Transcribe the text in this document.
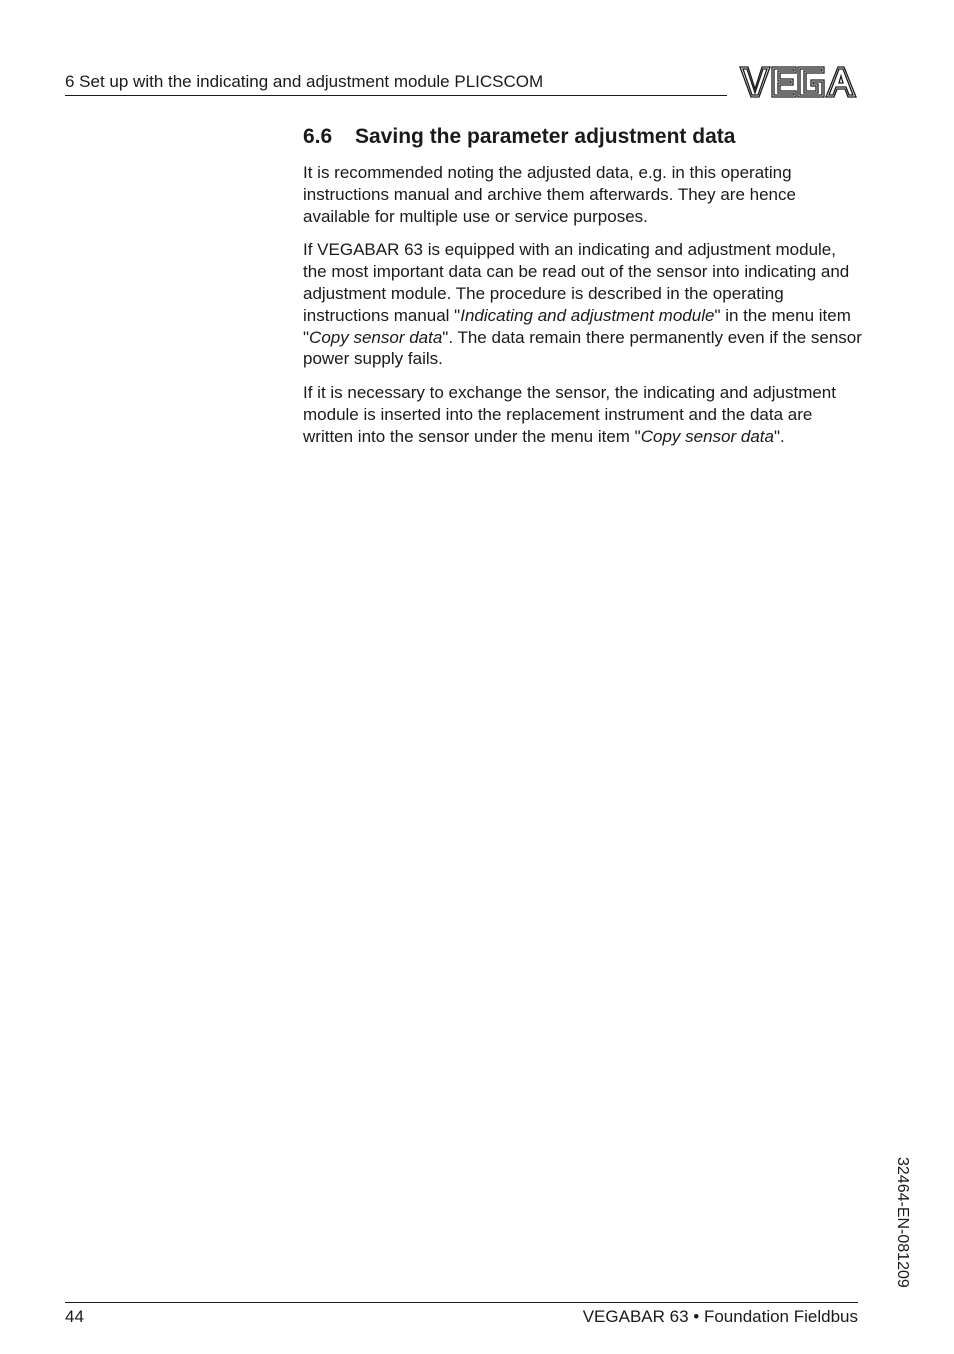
6 Set up with the indicating and adjustment module PLICSCOM
6.6 Saving the parameter adjustment data

It is recommended noting the adjusted data, e.g. in this operating instructions manual and archive them afterwards. They are hence available for multiple use or service purposes.

If VEGABAR 63 is equipped with an indicating and adjustment module, the most important data can be read out of the sensor into indicating and adjustment module. The procedure is described in the operating instructions manual "Indicating and adjustment module" in the menu item "Copy sensor data". The data remain there permanently even if the sensor power supply fails.

If it is necessary to exchange the sensor, the indicating and adjustment module is inserted into the replacement instrument and the data are written into the sensor under the menu item "Copy sensor data".

32464-EN-081209
44	VEGABAR 63 • Foundation Fieldbus
